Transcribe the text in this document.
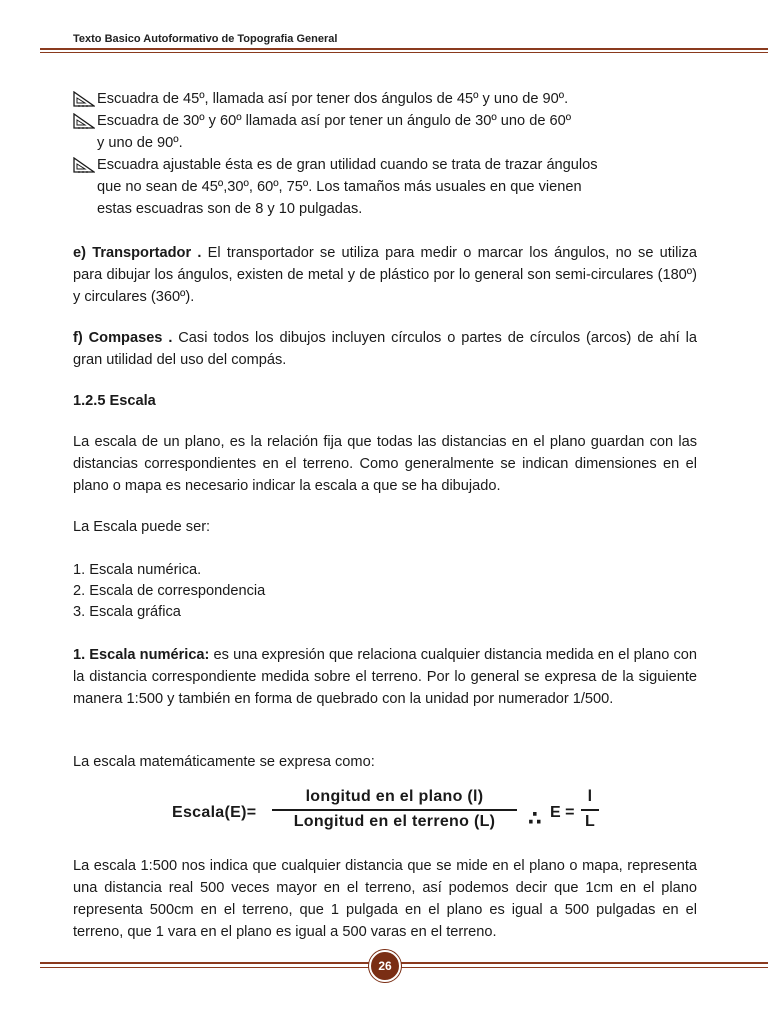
Texto Basico Autoformativo de Topografia General
Escuadra de 45º, llamada así por tener dos ángulos de 45º y uno de 90º.
Escuadra de 30º y 60º llamada así por tener un ángulo de 30º uno de 60º
y uno de 90º.
Escuadra ajustable ésta es de gran utilidad cuando se trata de trazar ángulos
que no sean de 45º,30º, 60º, 75º. Los tamaños más usuales en que vienen
estas escuadras son de 8 y 10 pulgadas.

e) Transportador . El transportador se utiliza para medir o marcar los ángulos, no se utiliza para dibujar los ángulos, existen de metal y de plástico por lo general son semi-circulares (180º) y circulares (360º).

f) Compases . Casi todos los dibujos incluyen círculos o partes de círculos (arcos) de ahí la gran utilidad del uso del compás.

1.2.5 Escala

La escala de un plano, es la relación fija que todas las distancias en el plano guardan con las distancias correspondientes en el terreno. Como generalmente se indican dimensiones en el plano o mapa es necesario indicar la escala a que se ha dibujado.

La Escala puede ser:
1. Escala numérica.
2. Escala de correspondencia
3. Escala gráfica

1. Escala numérica: es una expresión que relaciona cualquier distancia medida en el plano con la distancia correspondiente medida sobre el terreno. Por lo general se expresa de la siguiente manera 1:500 y también en forma de quebrado con la unidad por numerador 1/500.

La escala matemáticamente se expresa como:
Escala(E)=
longitud en el plano (l)
Longitud en el terreno (L)	∴ E =
l
L

La escala 1:500 nos indica que cualquier distancia que se mide en el plano o mapa, representa una distancia real 500 veces mayor en el terreno, así podemos decir que 1cm en el plano representa 500cm en el terreno, que 1 pulgada en el plano es igual a 500 pulgadas en el terreno, que 1 vara en el plano es igual a 500 varas en el terreno.

26
